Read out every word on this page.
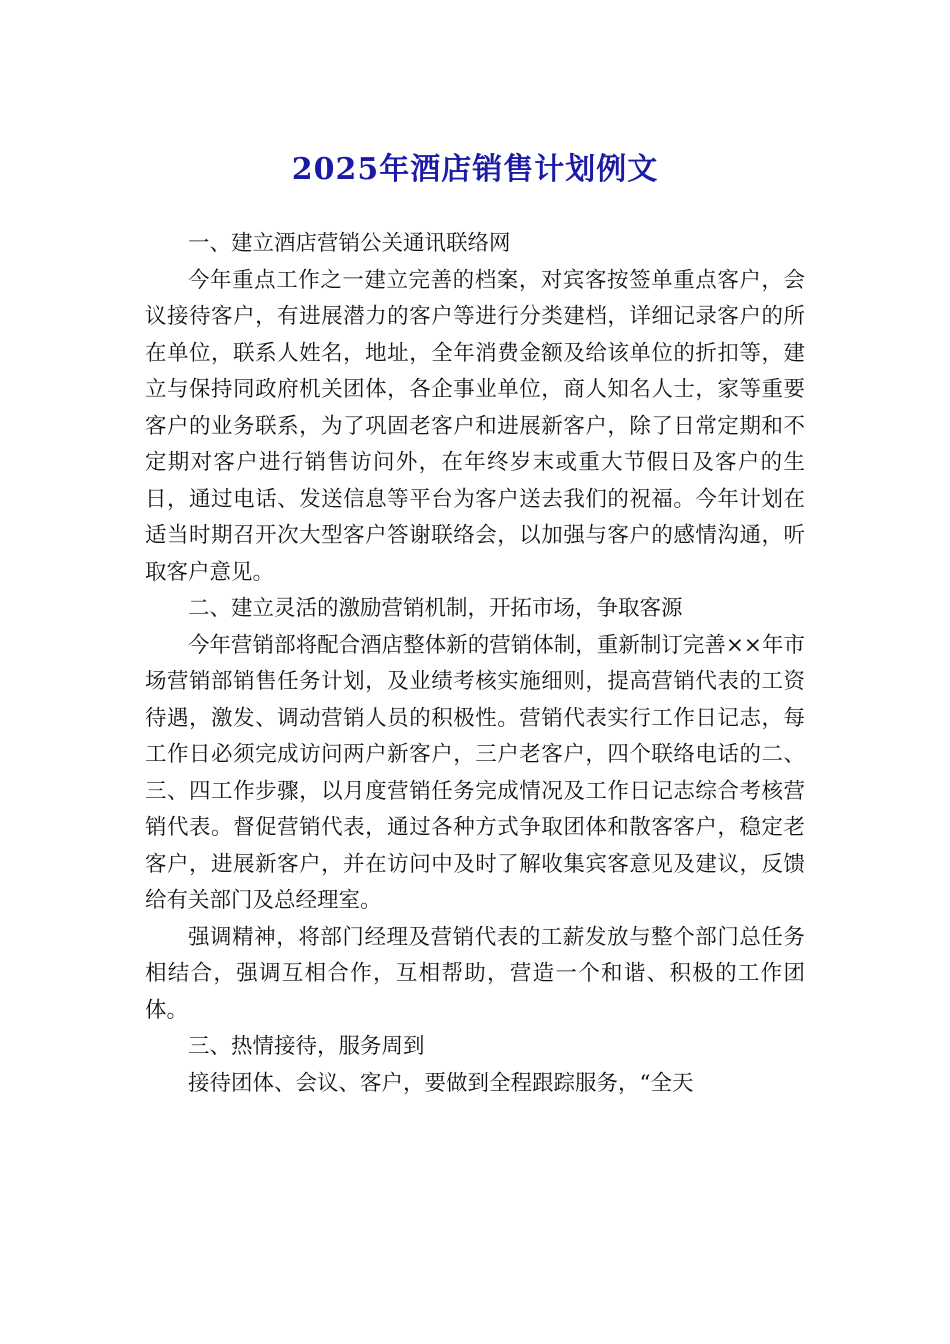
2025年酒店销售计划例文

一、建立酒店营销公关通讯联络网

今年重点工作之一建立完善的档案，对宾客按签单重点客户，会议接待客户，有进展潜力的客户等进行分类建档，详细记录客户的所在单位，联系人姓名，地址，全年消费金额及给该单位的折扣等，建立与保持同政府机关团体，各企事业单位，商人知名人士，家等重要客户的业务联系，为了巩固老客户和进展新客户，除了日常定期和不定期对客户进行销售访问外，在年终岁末或重大节假日及客户的生日，通过电话、发送信息等平台为客户送去我们的祝福。今年计划在适当时期召开次大型客户答谢联络会，以加强与客户的感情沟通，听取客户意见。

二、建立灵活的激励营销机制，开拓市场，争取客源

今年营销部将配合酒店整体新的营销体制，重新制订完善××年市场营销部销售任务计划，及业绩考核实施细则，提高营销代表的工资待遇，激发、调动营销人员的积极性。营销代表实行工作日记志，每工作日必须完成访问两户新客户，三户老客户，四个联络电话的二、三、四工作步骤，以月度营销任务完成情况及工作日记志综合考核营销代表。督促营销代表，通过各种方式争取团体和散客客户，稳定老客户，进展新客户，并在访问中及时了解收集宾客意见及建议，反馈给有关部门及总经理室。

强调精神，将部门经理及营销代表的工薪发放与整个部门总任务相结合，强调互相合作，互相帮助，营造一个和谐、积极的工作团体。

三、热情接待，服务周到

接待团体、会议、客户，要做到全程跟踪服务，“全天
